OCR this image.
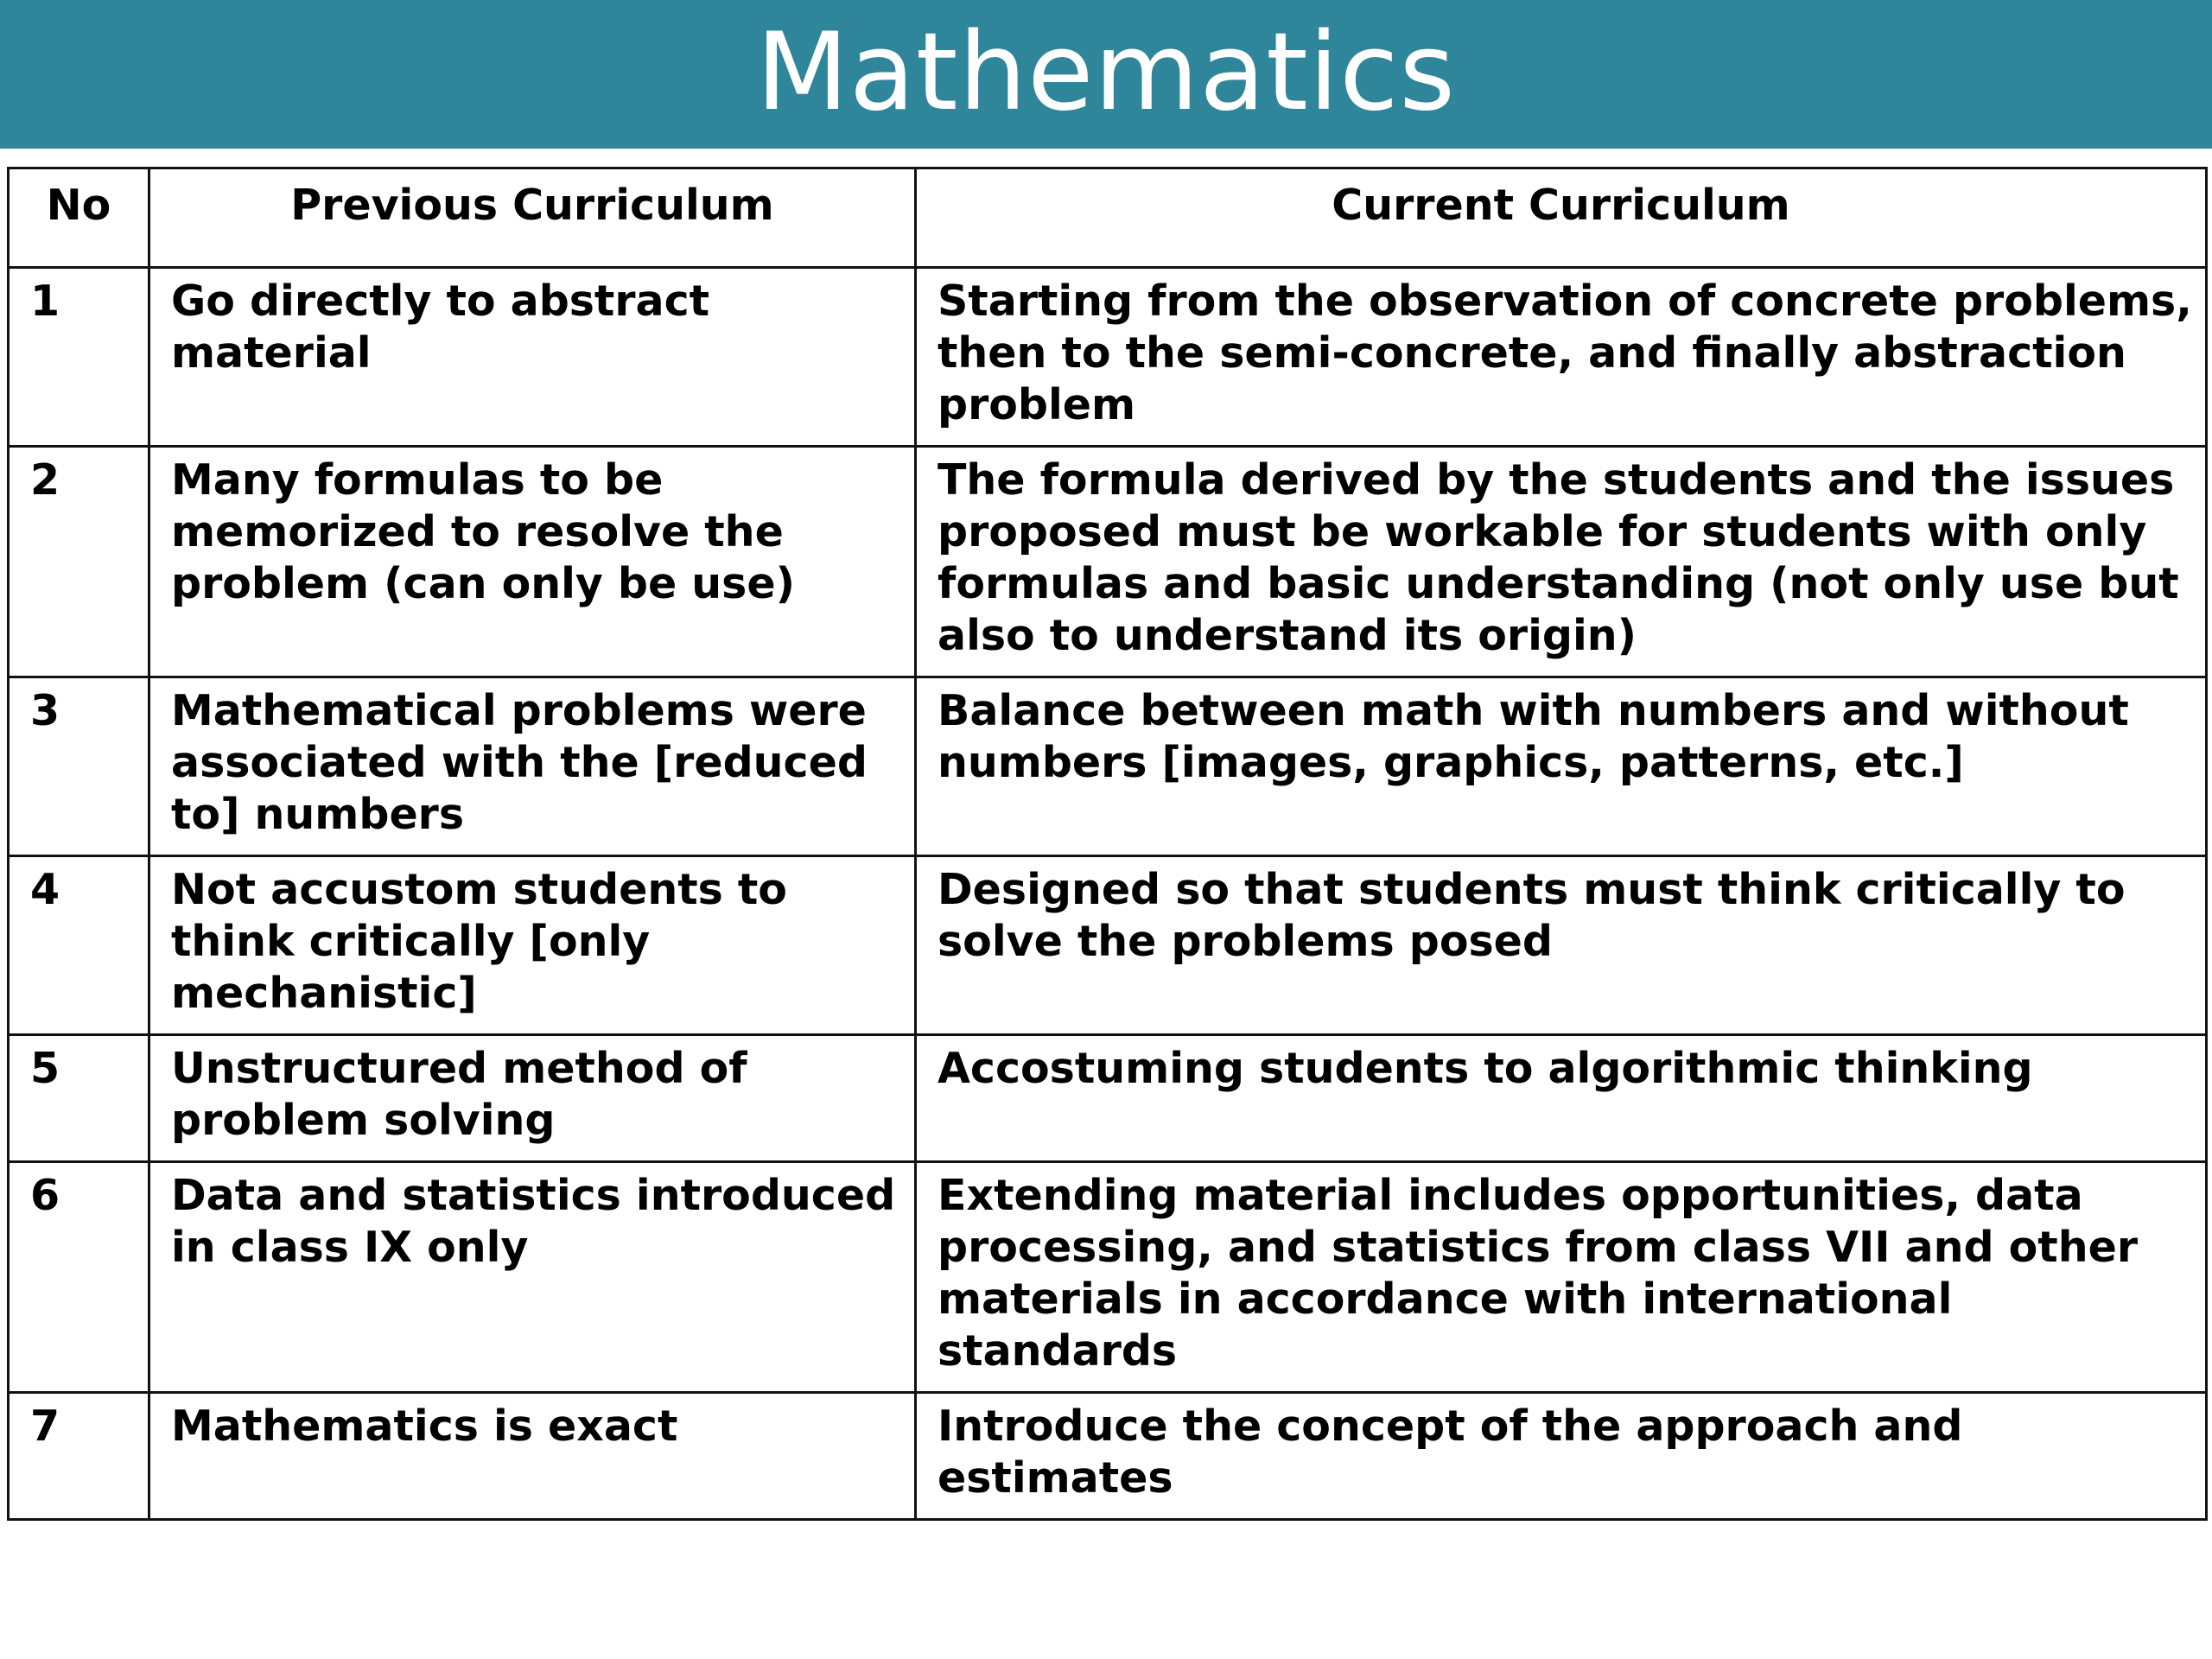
Mathematics
No	Previous Curriculum	Current Curriculum
1	Go directly to abstract material	Starting from the observation of concrete problems, then to the semi-concrete, and finally abstraction problem
2	Many formulas to be memorized to resolve the problem (can only be use)	The formula derived by the students and the issues proposed must be workable for students with only formulas and basic understanding (not only use but also to understand its origin)
3	Mathematical problems were associated with the [reduced to] numbers	Balance between math with numbers and without numbers [images, graphics, patterns, etc.]
4	Not accustom students to think critically [only mechanistic]	Designed so that students must think critically to solve the problems posed
5	Unstructured method of problem solving	Accostuming students to algorithmic thinking
6	Data and statistics introduced in class IX only	Extending material includes opportunities, data processing, and statistics from class VII and other materials in accordance with international standards
7	Mathematics is exact	Introduce the concept of the approach and estimates
